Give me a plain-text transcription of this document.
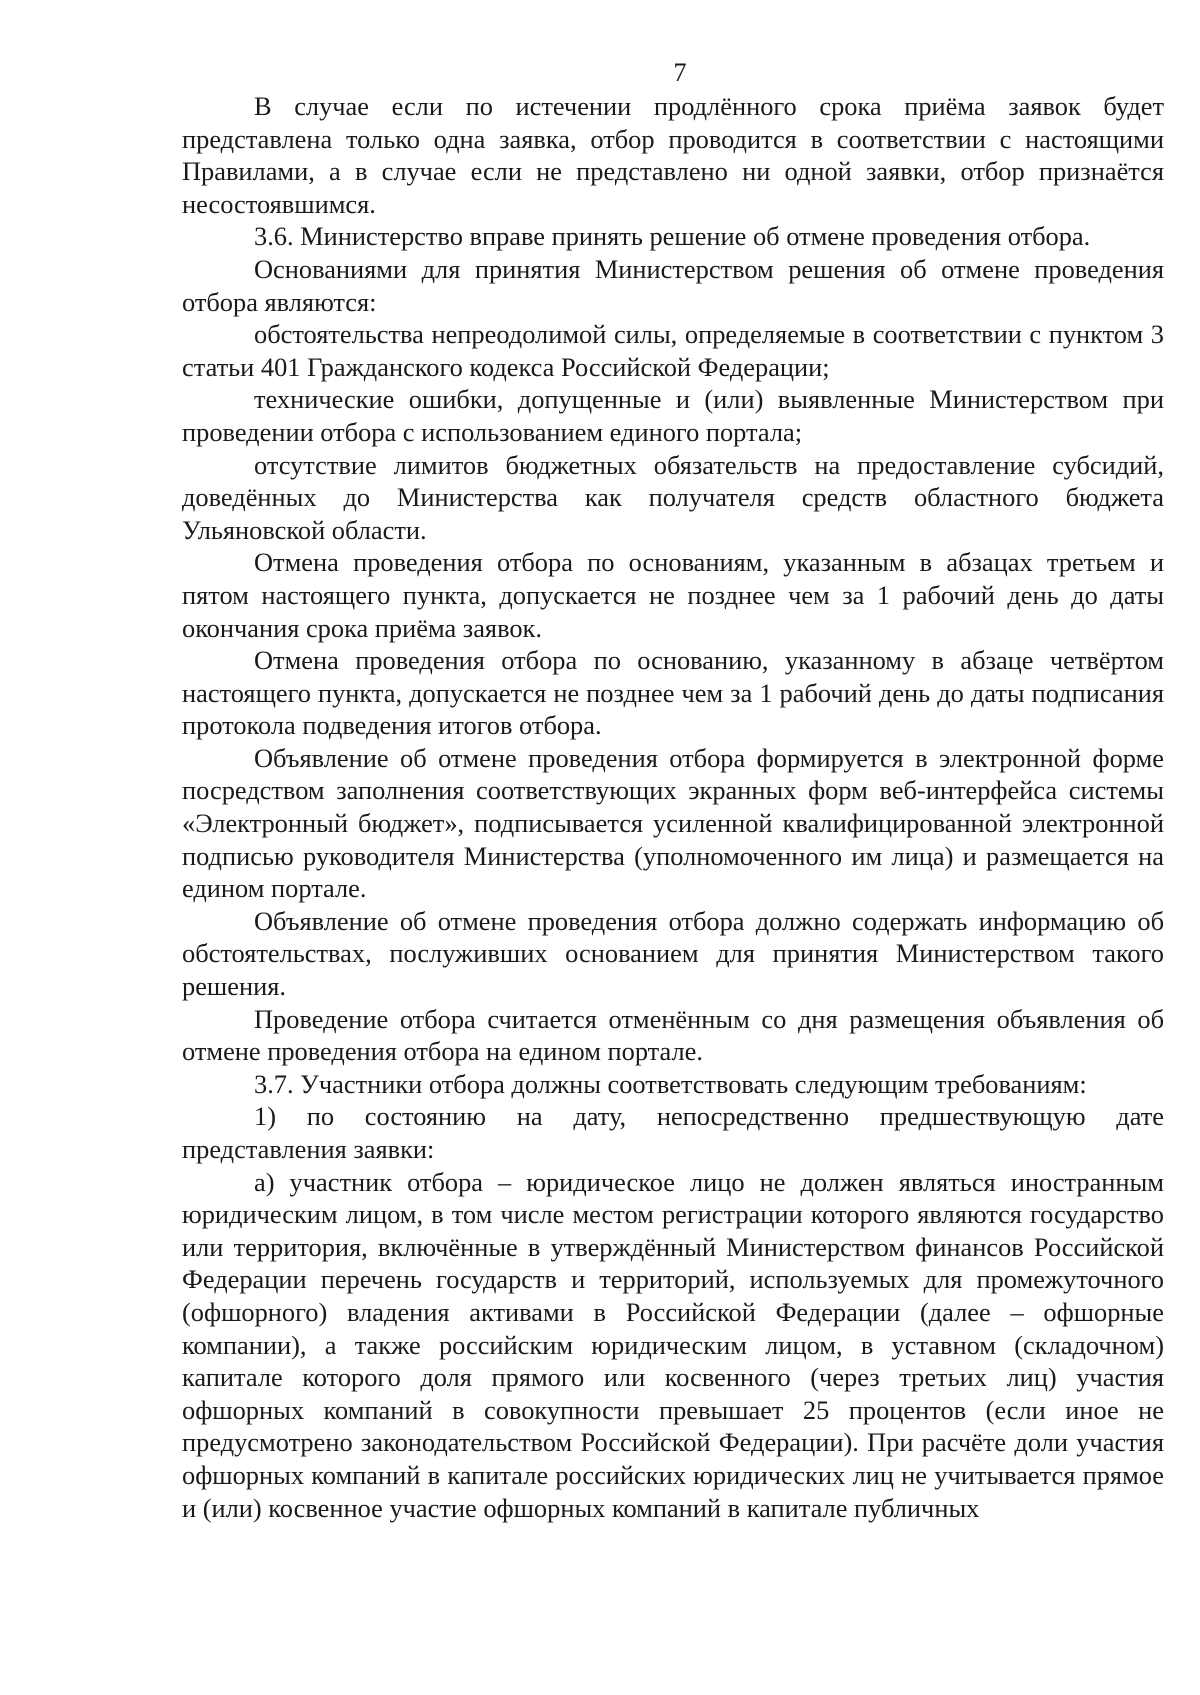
7

В случае если по истечении продлённого срока приёма заявок будет представлена только одна заявка, отбор проводится в соответствии с настоящими Правилами, а в случае если не представлено ни одной заявки, отбор признаётся несостоявшимся.

3.6. Министерство вправе принять решение об отмене проведения отбора.

Основаниями для принятия Министерством решения об отмене проведения отбора являются:

обстоятельства непреодолимой силы, определяемые в соответствии с пунктом 3 статьи 401 Гражданского кодекса Российской Федерации;

технические ошибки, допущенные и (или) выявленные Министерством при проведении отбора с использованием единого портала;

отсутствие лимитов бюджетных обязательств на предоставление субсидий, доведённых до Министерства как получателя средств областного бюджета Ульяновской области.

Отмена проведения отбора по основаниям, указанным в абзацах третьем и пятом настоящего пункта, допускается не позднее чем за 1 рабочий день до даты окончания срока приёма заявок.

Отмена проведения отбора по основанию, указанному в абзаце четвёртом настоящего пункта, допускается не позднее чем за 1 рабочий день до даты подписания протокола подведения итогов отбора.

Объявление об отмене проведения отбора формируется в электронной форме посредством заполнения соответствующих экранных форм веб-интерфейса системы «Электронный бюджет», подписывается усиленной квалифицированной электронной подписью руководителя Министерства (уполномоченного им лица) и размещается на едином портале.

Объявление об отмене проведения отбора должно содержать информацию об обстоятельствах, послуживших основанием для принятия Министерством такого решения.

Проведение отбора считается отменённым со дня размещения объявления об отмене проведения отбора на едином портале.

3.7. Участники отбора должны соответствовать следующим требованиям:

1) по состоянию на дату, непосредственно предшествующую дате представления заявки:

а) участник отбора – юридическое лицо не должен являться иностранным юридическим лицом, в том числе местом регистрации которого являются государство или территория, включённые в утверждённый Министерством финансов Российской Федерации перечень государств и территорий, используемых для промежуточного (офшорного) владения активами в Российской Федерации (далее – офшорные компании), а также российским юридическим лицом, в уставном (складочном) капитале которого доля прямого или косвенного (через третьих лиц) участия офшорных компаний в совокупности превышает 25 процентов (если иное не предусмотрено законодательством Российской Федерации). При расчёте доли участия офшорных компаний в капитале российских юридических лиц не учитывается прямое и (или) косвенное участие офшорных компаний в капитале публичных
